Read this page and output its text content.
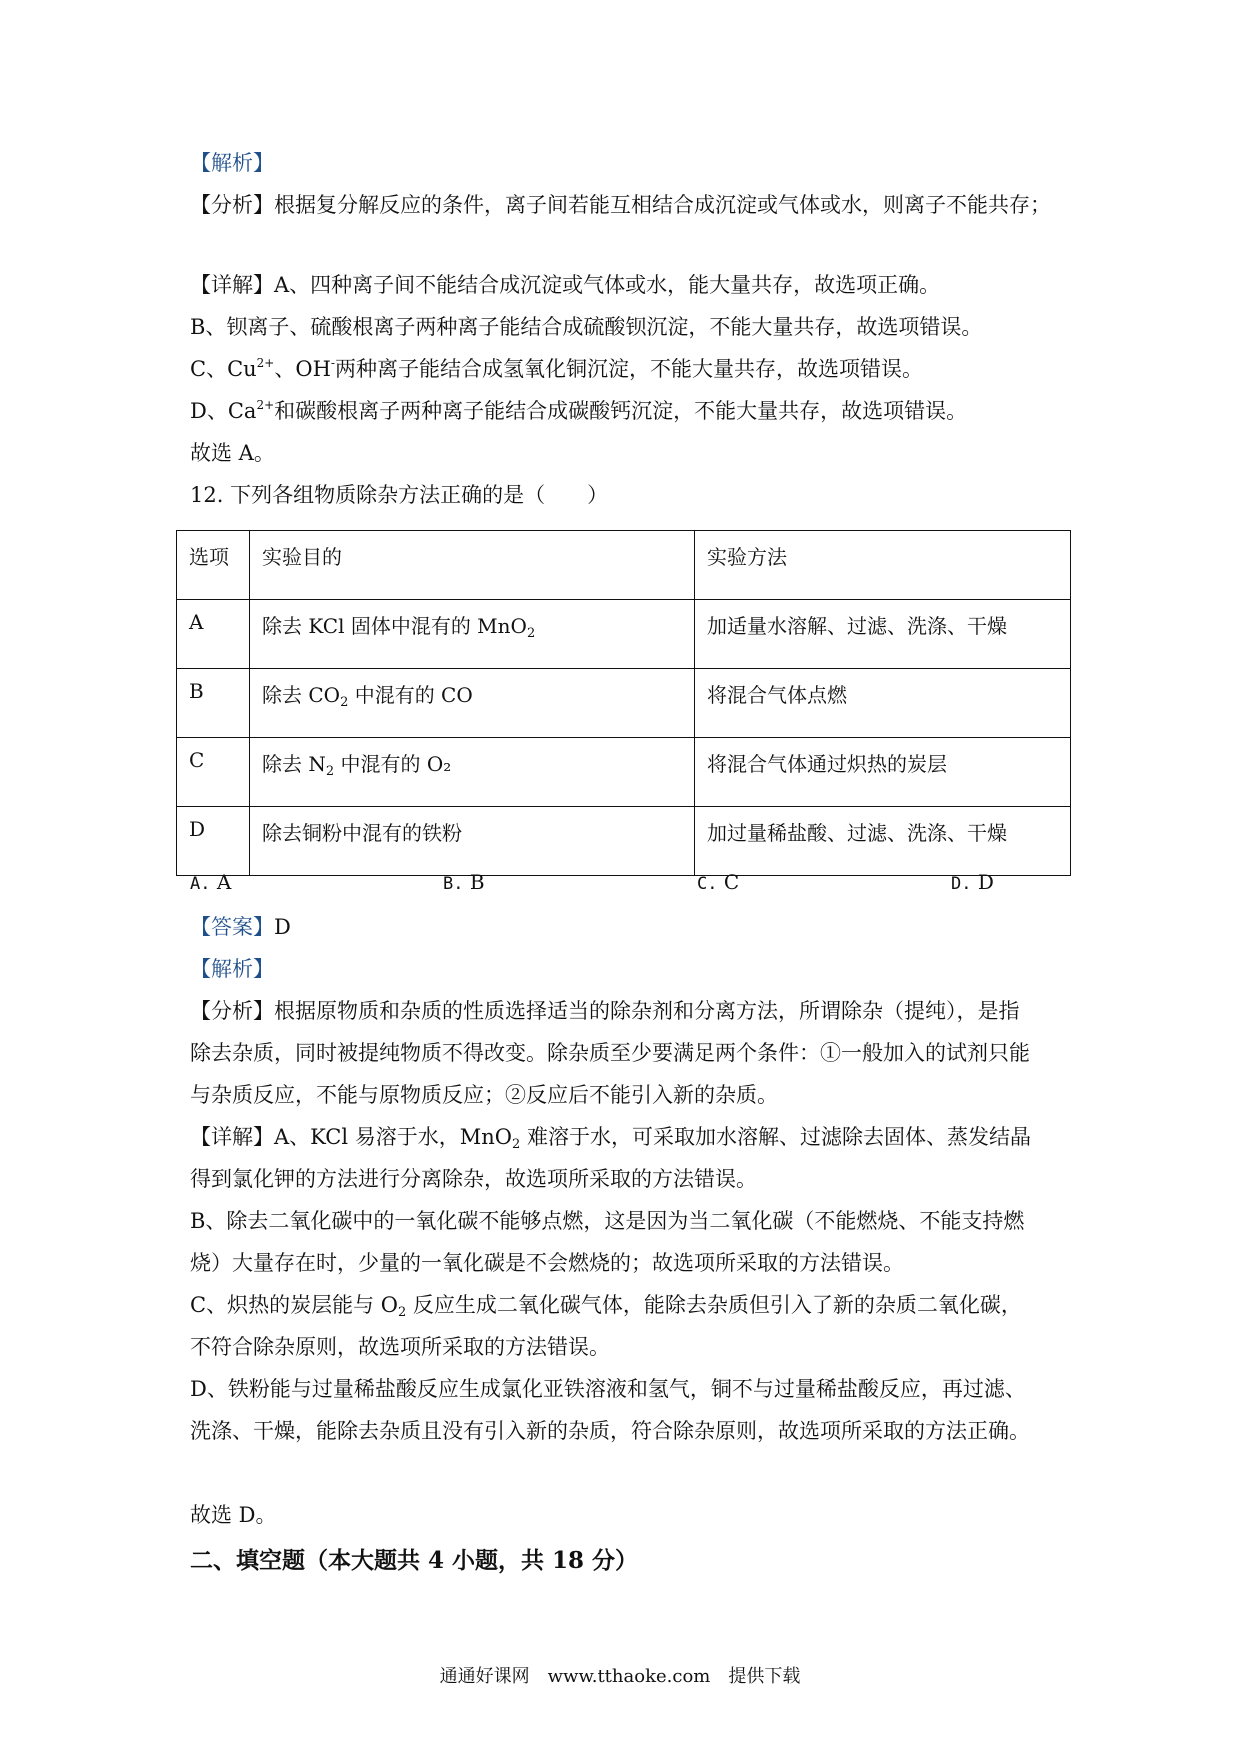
【解析】
【分析】根据复分解反应的条件，离子间若能互相结合成沉淀或气体或水，则离子不能共存；
【详解】A、四种离子间不能结合成沉淀或气体或水，能大量共存，故选项正确。
B、钡离子、硫酸根离子两种离子能结合成硫酸钡沉淀，不能大量共存，故选项错误。
C、$Cu^{2+}$、OH-两种离子能结合成氢氧化铜沉淀，不能大量共存，故选项错误。
D、$Ca^{2+}$和碳酸根离子两种离子能结合成碳酸钙沉淀，不能大量共存，故选项错误。
故选 A。
12. 下列各组物质除杂方法正确的是（　　）
选项	实验目的	实验方法
A	除去 KCl 固体中混有的 MnO$_2$	加适量水溶解、过滤、洗涤、干燥
B	除去 $CO_2$ 中混有的 CO	将混合气体点燃
C	除去 $N_2$ 中混有的 O₂	将混合气体通过炽热的炭层
D	除去铜粉中混有的铁粉	加过量稀盐酸、过滤、洗涤、干燥
A. A	B. B	C. C	D. D
【答案】D
【解析】
【分析】根据原物质和杂质的性质选择适当的除杂剂和分离方法，所谓除杂（提纯），是指
除去杂质，同时被提纯物质不得改变。除杂质至少要满足两个条件：①一般加入的试剂只能
与杂质反应，不能与原物质反应；②反应后不能引入新的杂质。
【详解】A、KCl 易溶于水，MnO$_2$ 难溶于水，可采取加水溶解、过滤除去固体、蒸发结晶
得到氯化钾的方法进行分离除杂，故选项所采取的方法错误。
B、除去二氧化碳中的一氧化碳不能够点燃，这是因为当二氧化碳（不能燃烧、不能支持燃
烧）大量存在时，少量的一氧化碳是不会燃烧的；故选项所采取的方法错误。
C、炽热的炭层能与 $O_2$ 反应生成二氧化碳气体，能除去杂质但引入了新的杂质二氧化碳，
不符合除杂原则，故选项所采取的方法错误。
D、铁粉能与过量稀盐酸反应生成氯化亚铁溶液和氢气，铜不与过量稀盐酸反应，再过滤、
洗涤、干燥，能除去杂质且没有引入新的杂质，符合除杂原则，故选项所采取的方法正确。
故选 D。
二、填空题（本大题共 4 小题，共 18 分）
通通好课网　www.tthaoke.com　提供下载
